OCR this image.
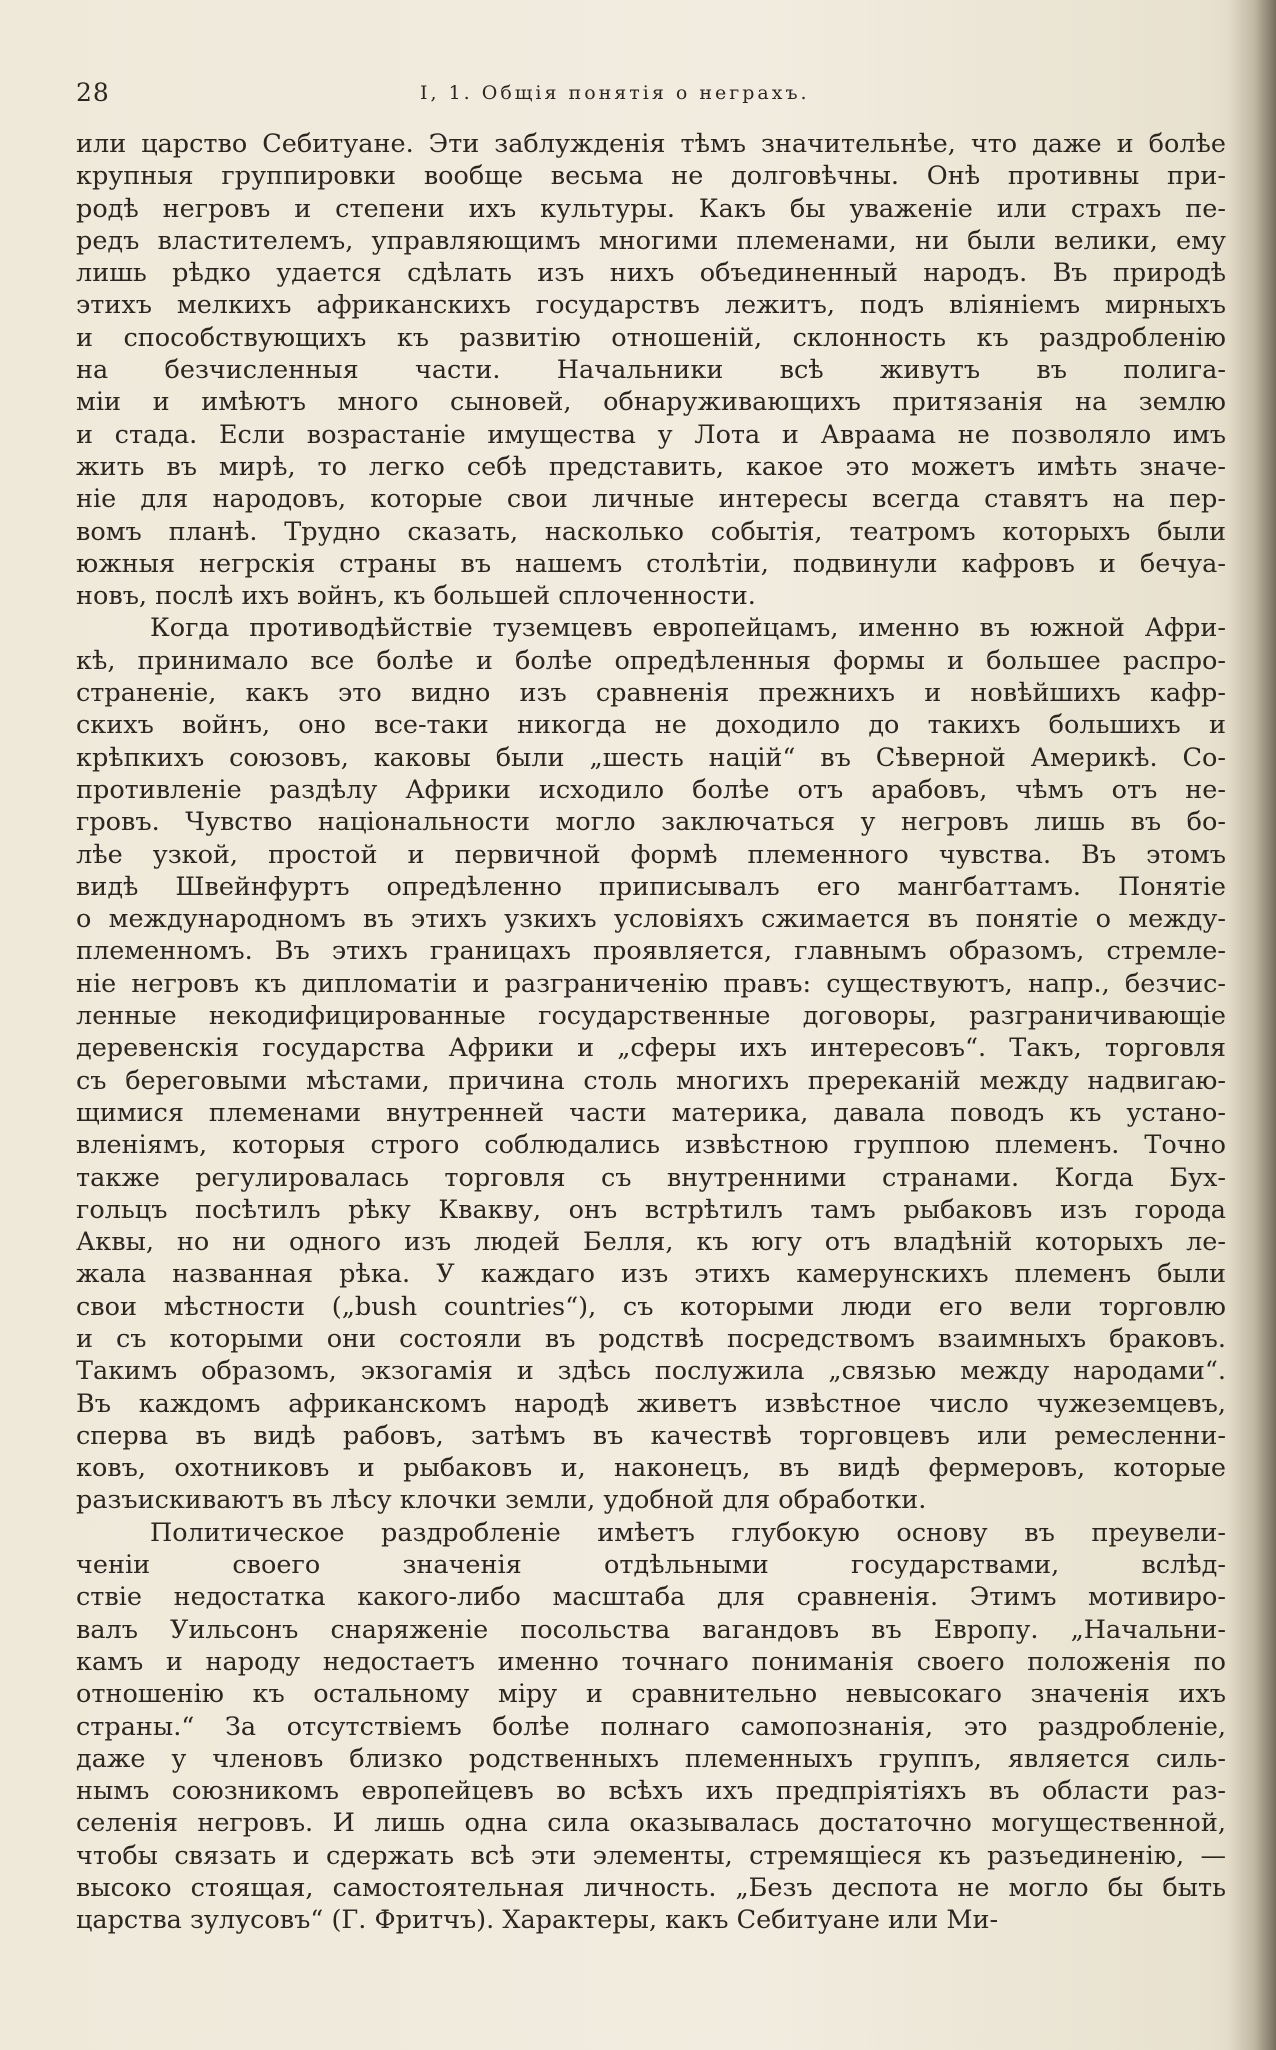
28	I, 1. Общія понятія о неграхъ.

или царство Себитуане. Эти заблужденія тѣмъ значительнѣе, что даже и болѣе

крупныя группировки вообще весьма не долговѣчны. Онѣ противны при-

родѣ негровъ и степени ихъ культуры. Какъ бы уваженіе или страхъ пе-

редъ властителемъ, управляющимъ многими племенами, ни были велики, ему

лишь рѣдко удается сдѣлать изъ нихъ объединенный народъ. Въ природѣ

этихъ мелкихъ африканскихъ государствъ лежитъ, подъ вліяніемъ мирныхъ

и способствующихъ къ развитію отношеній, склонность къ раздробленію

на безчисленныя части. Начальники всѣ живутъ въ полига-

міи и имѣютъ много сыновей, обнаруживающихъ притязанія на землю

и стада. Если возрастаніе имущества у Лота и Авраама не позволяло имъ

жить въ мирѣ, то легко себѣ представить, какое это можетъ имѣть значе-

ніе для народовъ, которые свои личные интересы всегда ставятъ на пер-

вомъ планѣ. Трудно сказать, насколько событія, театромъ которыхъ были

южныя негрскія страны въ нашемъ столѣтіи, подвинули кафровъ и бечуа-

новъ, послѣ ихъ войнъ, къ большей сплоченности.

Когда противодѣйствіе туземцевъ европейцамъ, именно въ южной Афри-

кѣ, принимало все болѣе и болѣе опредѣленныя формы и большее распро-

страненіе, какъ это видно изъ сравненія прежнихъ и новѣйшихъ кафр-

скихъ войнъ, оно все-таки никогда не доходило до такихъ большихъ и

крѣпкихъ союзовъ, каковы были „шесть націй“ въ Сѣверной Америкѣ. Со-

противленіе раздѣлу Африки исходило болѣе отъ арабовъ, чѣмъ отъ не-

гровъ. Чувство національности могло заключаться у негровъ лишь въ бо-

лѣе узкой, простой и первичной формѣ племенного чувства. Въ этомъ

видѣ Швейнфуртъ опредѣленно приписывалъ его мангбаттамъ. Понятіе

о международномъ въ этихъ узкихъ условіяхъ сжимается въ понятіе о между-

племенномъ. Въ этихъ границахъ проявляется, главнымъ образомъ, стремле-

ніе негровъ къ дипломатіи и разграниченію правъ: существуютъ, напр., безчис-

ленные некодифицированные государственные договоры, разграничивающіе

деревенскія государства Африки и „сферы ихъ интересовъ“. Такъ, торговля

съ береговыми мѣстами, причина столь многихъ пререканій между надвигаю-

щимися племенами внутренней части материка, давала поводъ къ устано-

вленіямъ, которыя строго соблюдались извѣстною группою племенъ. Точно

также регулировалась торговля съ внутренними странами. Когда Бух-

гольцъ посѣтилъ рѣку Квакву, онъ встрѣтилъ тамъ рыбаковъ изъ города

Аквы, но ни одного изъ людей Белля, къ югу отъ владѣній которыхъ ле-

жала названная рѣка. У каждаго изъ этихъ камерунскихъ племенъ были

свои мѣстности („bush countries“), съ которыми люди его вели торговлю

и съ которыми они состояли въ родствѣ посредствомъ взаимныхъ браковъ.

Такимъ образомъ, экзогамія и здѣсь послужила „связью между народами“.

Въ каждомъ африканскомъ народѣ живетъ извѣстное число чужеземцевъ,

сперва въ видѣ рабовъ, затѣмъ въ качествѣ торговцевъ или ремесленни-

ковъ, охотниковъ и рыбаковъ и, наконецъ, въ видѣ фермеровъ, которые

разъискиваютъ въ лѣсу клочки земли, удобной для обработки.

Политическое раздробленіе имѣетъ глубокую основу въ преувели-

ченіи своего значенія отдѣльными государствами, вслѣд-

ствіе недостатка какого-либо масштаба для сравненія. Этимъ мотивиро-

валъ Уильсонъ снаряженіе посольства вагандовъ въ Европу. „Начальни-

камъ и народу недостаетъ именно точнаго пониманія своего положенія по

отношенію къ остальному міру и сравнительно невысокаго значенія ихъ

страны.“ За отсутствіемъ болѣе полнаго самопознанія, это раздробленіе,

даже у членовъ близко родственныхъ племенныхъ группъ, является силь-

нымъ союзникомъ европейцевъ во всѣхъ ихъ предпріятіяхъ въ области раз-

селенія негровъ. И лишь одна сила оказывалась достаточно могущественной,

чтобы связать и сдержать всѣ эти элементы, стремящіеся къ разъединенію, —

высоко стоящая, самостоятельная личность. „Безъ деспота не могло бы быть

царства зулусовъ“ (Г. Фритчъ). Характеры, какъ Себитуане или Ми-
